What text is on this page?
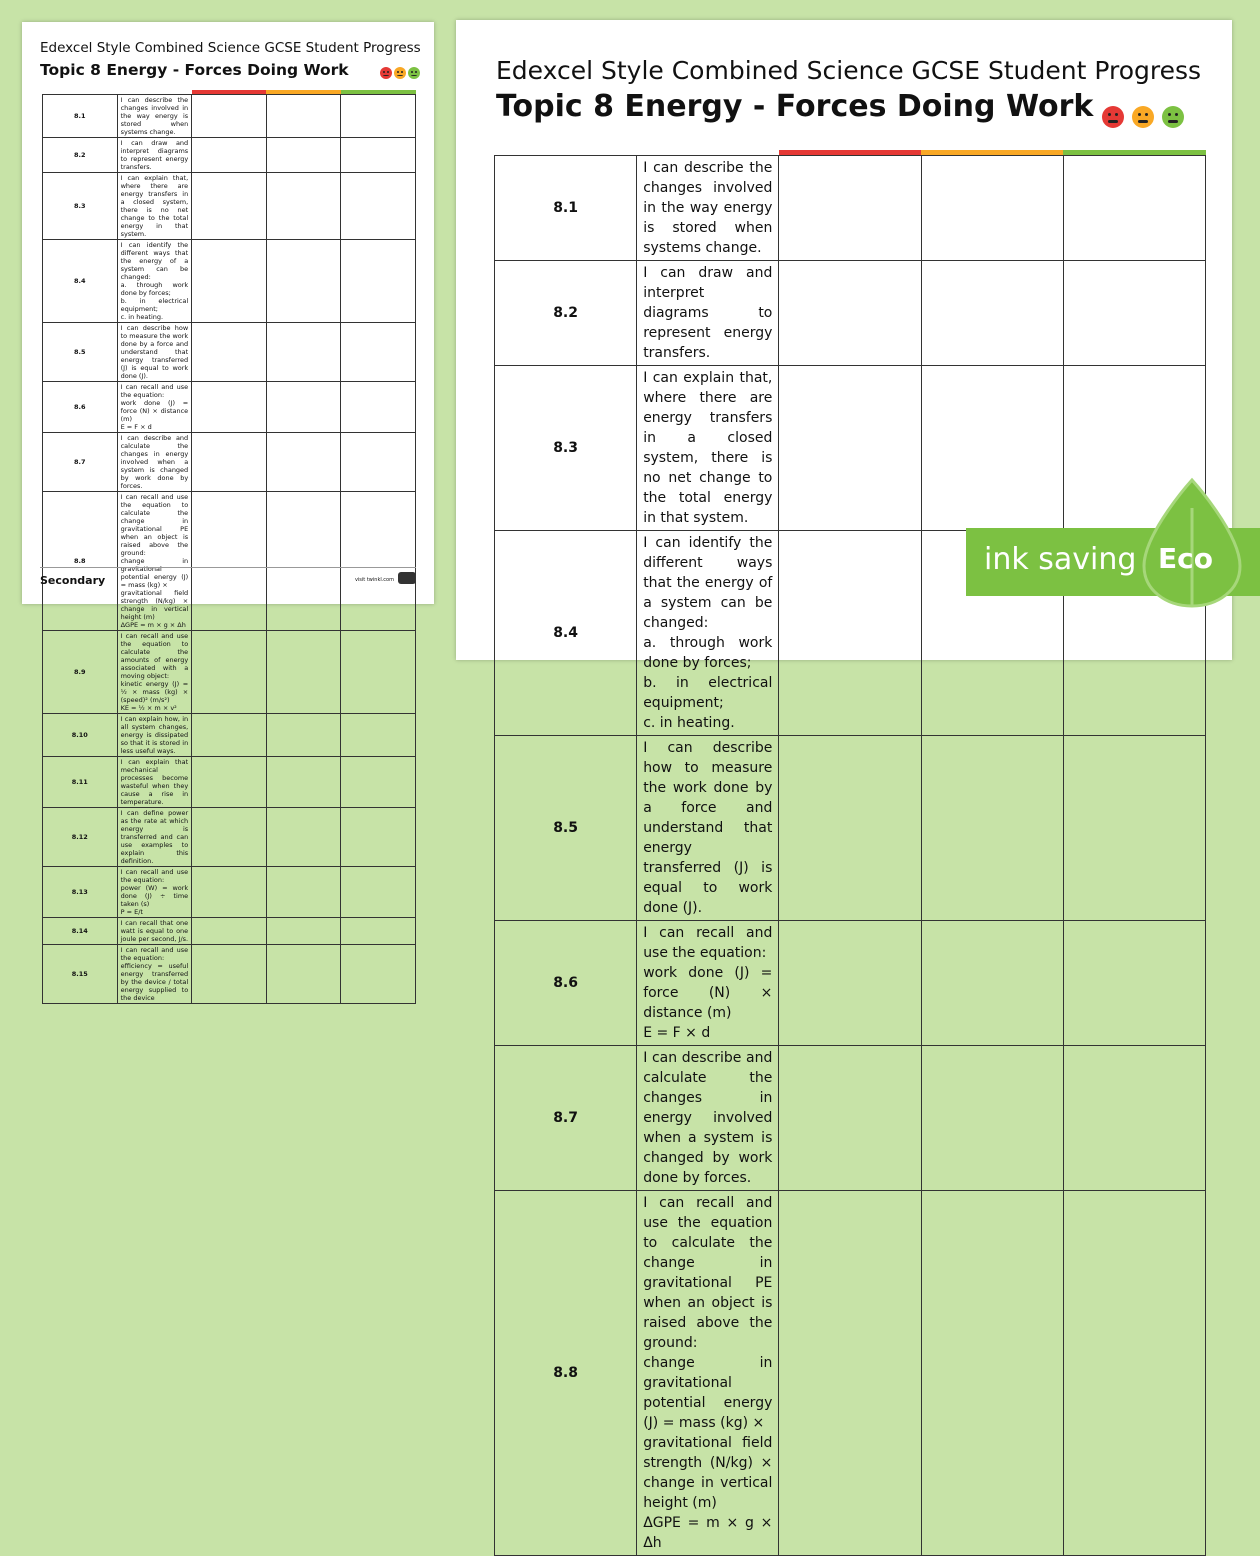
Edexcel Style Combined Science GCSE Student Progress
Topic 8 Energy - Forces Doing Work

8.1	I can describe the changes involved in the way energy is stored when systems change.			
8.2	I can draw and interpret diagrams to represent energy transfers.			
8.3	I can explain that, where there are energy transfers in a closed system, there is no net change to the total energy in that system.			
8.4	I can identify the different ways that the energy of a system can be changed:
a. through work done by forces;
b. in electrical equipment;
c. in heating.			

8.5	I can describe how to measure the work done by a force and understand that energy transferred (J) is equal to work done (J).			
8.6	I can recall and use the equation:
work done (J) = force (N) × distance (m)
E = F × d			

8.7	I can describe and calculate the changes in energy involved when a system is changed by work done by forces.			
8.8	I can recall and use the equation to calculate the change in gravitational PE when an object is raised above the ground:
change in gravitational potential energy (J) = mass (kg) ×
gravitational field strength (N/kg) × change in vertical height (m)
ΔGPE = m × g × Δh			

8.9	I can recall and use the equation to calculate the amounts of energy associated with a moving object:
kinetic energy (J) = ½ × mass (kg) × (speed)² (m/s²)
KE = ½ × m × v²			

8.10	I can explain how, in all system changes, energy is dissipated so that it is stored in less useful ways.			
8.11	I can explain that mechanical processes become wasteful when they cause a rise in temperature.			
8.12	I can define power as the rate at which energy is transferred and can use examples to explain this definition.			
8.13	I can recall and use the equation:
power (W) = work done (J) ÷ time taken (s)
P = E/t			

8.14	I can recall that one watt is equal to one joule per second, J/s.			
8.15	I can recall and use the equation:
efficiency = useful energy transferred by the device / total energy supplied to the device			

Secondary	visit twinkl.com
Edexcel Style Combined Science GCSE Student Progress
Topic 8 Energy - Forces Doing Work

8.1	I can describe the changes involved in the way energy is stored when systems change.			
8.2	I can draw and interpret diagrams to represent energy transfers.			
8.3	I can explain that, where there are energy transfers in a closed system, there is no net change to the total energy in that system.			
8.4	I can identify the different ways that the energy of a system can be changed:
a. through work done by forces;
b. in electrical equipment;
c. in heating.			

8.5	I can describe how to measure the work done by a force and understand that energy transferred (J) is equal to work done (J).			
8.6	I can recall and use the equation:
work done (J) = force (N) × distance (m)
E = F × d			

8.7	I can describe and calculate the changes in energy involved when a system is changed by work done by forces.			
8.8	I can recall and use the equation to calculate the change in gravitational PE when an object is raised above the ground:
change in gravitational potential energy (J) = mass (kg) ×
gravitational field strength (N/kg) × change in vertical height (m)
ΔGPE = m × g × Δh			

ink saving Eco
